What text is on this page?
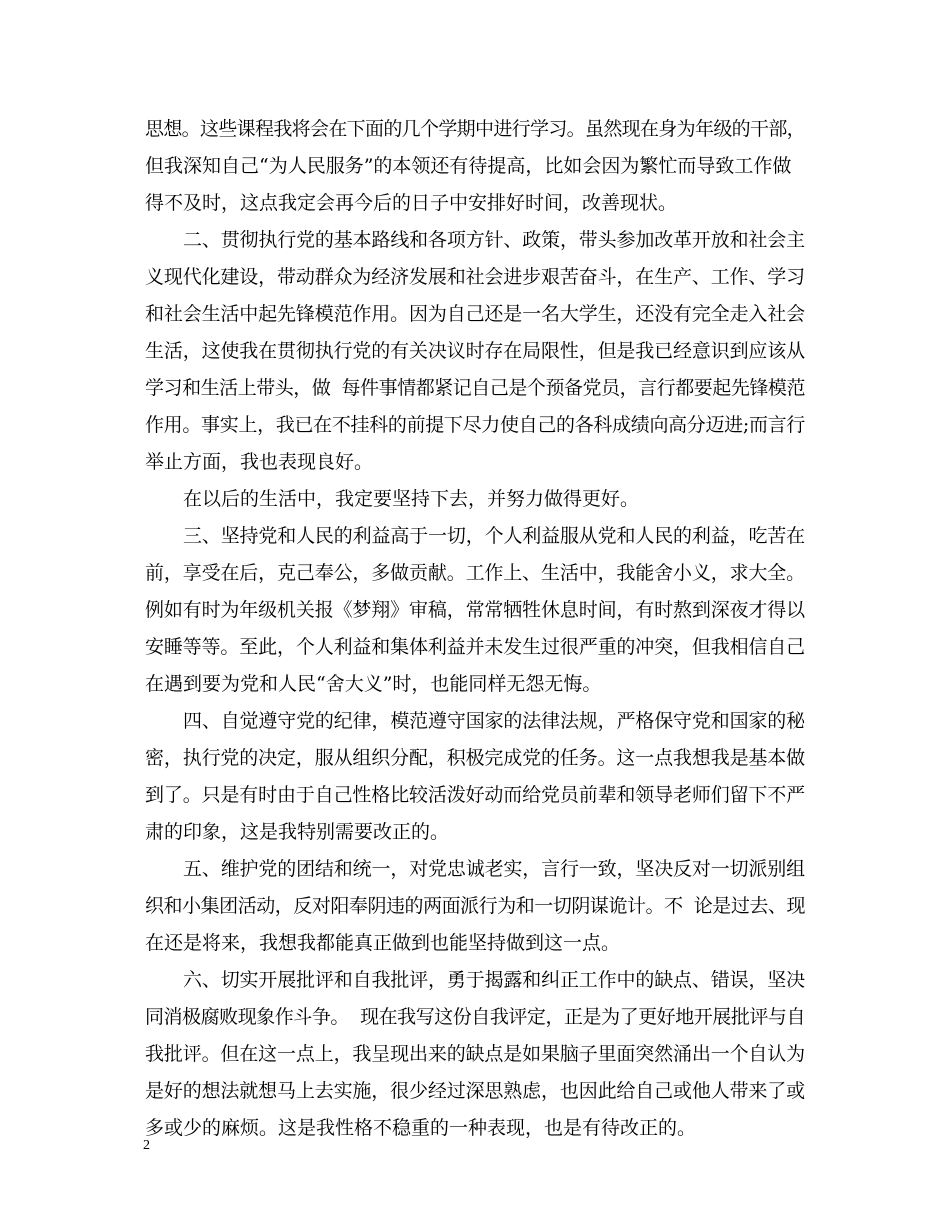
思想。这些课程我将会在下面的几个学期中进行学习。虽然现在身为年级的干部，
但我深知自己“为人民服务”的本领还有待提高，比如会因为繁忙而导致工作做
得不及时，这点我定会再今后的日子中安排好时间，改善现状。
二、贯彻执行党的基本路线和各项方针、政策，带头参加改革开放和社会主
义现代化建设，带动群众为经济发展和社会进步艰苦奋斗，在生产、工作、学习
和社会生活中起先锋模范作用。因为自己还是一名大学生，还没有完全走入社会
生活，这使我在贯彻执行党的有关决议时存在局限性，但是我已经意识到应该从
学习和生活上带头，做  每件事情都紧记自己是个预备党员，言行都要起先锋模范
作用。事实上，我已在不挂科的前提下尽力使自己的各科成绩向高分迈进;而言行
举止方面，我也表现良好。
在以后的生活中，我定要坚持下去，并努力做得更好。
三、坚持党和人民的利益高于一切，个人利益服从党和人民的利益，吃苦在
前，享受在后，克己奉公，多做贡献。工作上、生活中，我能舍小义，求大全。
例如有时为年级机关报《梦翔》审稿，常常牺牲休息时间，有时熬到深夜才得以
安睡等等。至此，个人利益和集体利益并未发生过很严重的冲突，但我相信自己
在遇到要为党和人民“舍大义”时，也能同样无怨无悔。
四、自觉遵守党的纪律，模范遵守国家的法律法规，严格保守党和国家的秘
密，执行党的决定，服从组织分配，积极完成党的任务。这一点我想我是基本做
到了。只是有时由于自己性格比较活泼好动而给党员前辈和领导老师们留下不严
肃的印象，这是我特别需要改正的。
五、维护党的团结和统一，对党忠诚老实，言行一致，坚决反对一切派别组
织和小集团活动，反对阳奉阴违的两面派行为和一切阴谋诡计。不  论是过去、现
在还是将来，我想我都能真正做到也能坚持做到这一点。
六、切实开展批评和自我批评，勇于揭露和纠正工作中的缺点、错误，坚决
同消极腐败现象作斗争。  现在我写这份自我评定，正是为了更好地开展批评与自
我批评。但在这一点上，我呈现出来的缺点是如果脑子里面突然涌出一个自认为
是好的想法就想马上去实施，很少经过深思熟虑，也因此给自己或他人带来了或
多或少的麻烦。这是我性格不稳重的一种表现，也是有待改正的。
2
